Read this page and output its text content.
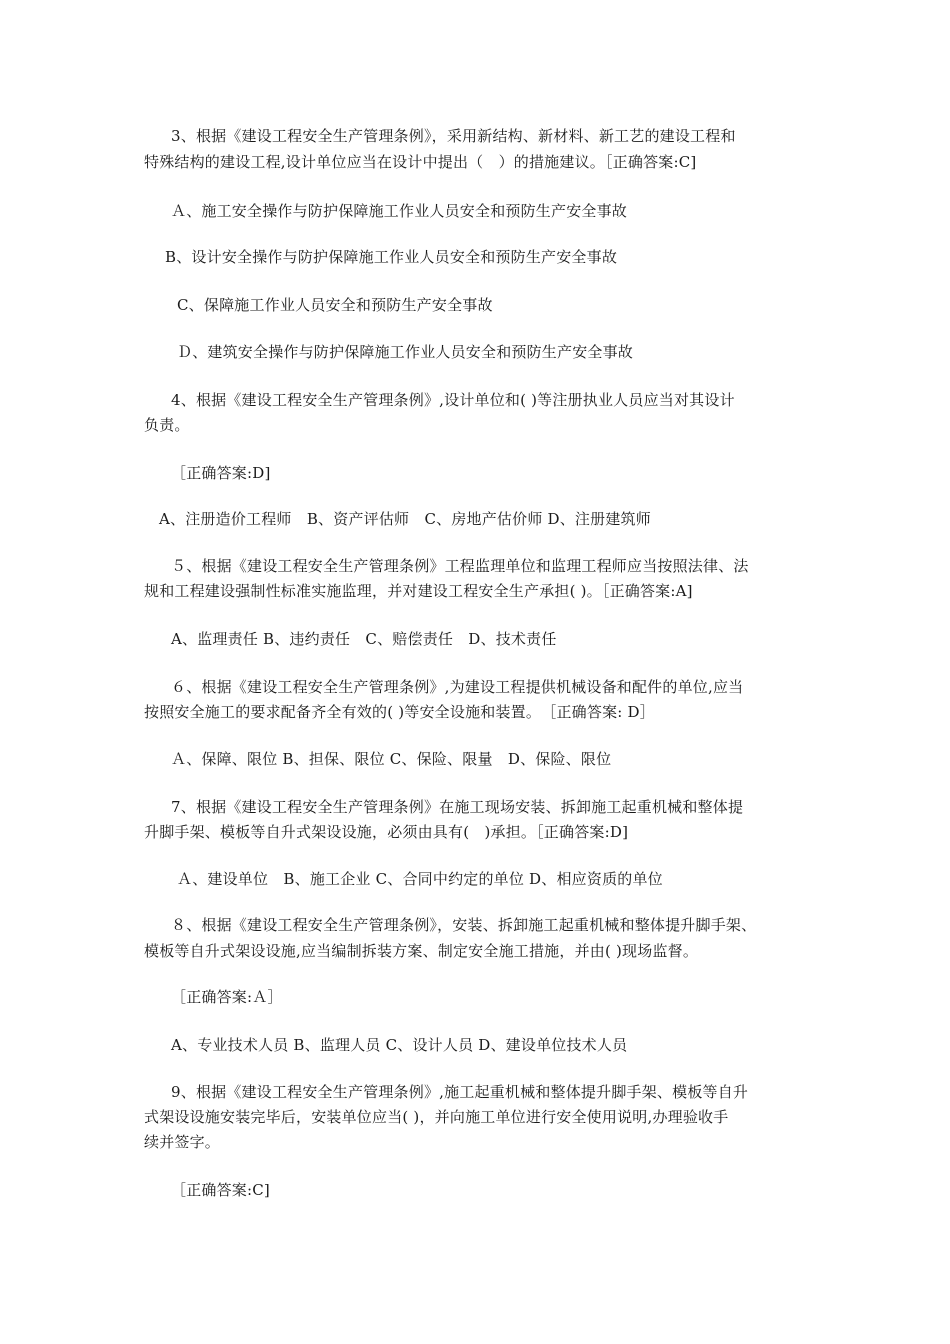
3、根据《建设工程安全生产管理条例》，采用新结构、新材料、新工艺的建设工程和
特殊结构的建设工程,设计单位应当在设计中提出（　）的措施建议。［正确答案:C]
Ａ、施工安全操作与防护保障施工作业人员安全和预防生产安全事故
B、设计安全操作与防护保障施工作业人员安全和预防生产安全事故
C、保障施工作业人员安全和预防生产安全事故
Ｄ、建筑安全操作与防护保障施工作业人员安全和预防生产安全事故
4、根据《建设工程安全生产管理条例》,设计单位和( )等注册执业人员应当对其设计
负责。
［正确答案:D]
A、注册造价工程师　B、资产评估师　C、房地产估价师 D、注册建筑师
５、根据《建设工程安全生产管理条例》工程监理单位和监理工程师应当按照法律、法
规和工程建设强制性标准实施监理，并对建设工程安全生产承担( )。［正确答案:A]
A、监理责任 B、违约责任　C、赔偿责任　D、技术责任
６、根据《建设工程安全生产管理条例》,为建设工程提供机械设备和配件的单位,应当
按照安全施工的要求配备齐全有效的( )等安全设施和装置。　［正确答案: D］
Ａ、保障、限位 B、担保、限位 C、保险、限量　D、保险、限位
7、根据《建设工程安全生产管理条例》在施工现场安装、拆卸施工起重机械和整体提
升脚手架、模板等自升式架设设施，必须由具有(　)承担。［正确答案:D]
Ａ、建设单位　B、施工企业 C、合同中约定的单位 D、相应资质的单位
８、根据《建设工程安全生产管理条例》，安装、拆卸施工起重机械和整体提升脚手架、
模板等自升式架设设施,应当编制拆装方案、制定安全施工措施，并由( )现场监督。
［正确答案:Ａ］
A、专业技术人员 B、监理人员 C、设计人员 D、建设单位技术人员
9、根据《建设工程安全生产管理条例》,施工起重机械和整体提升脚手架、模板等自升
式架设设施安装完毕后，安装单位应当( )，并向施工单位进行安全使用说明,办理验收手
续并签字。
［正确答案:C]
